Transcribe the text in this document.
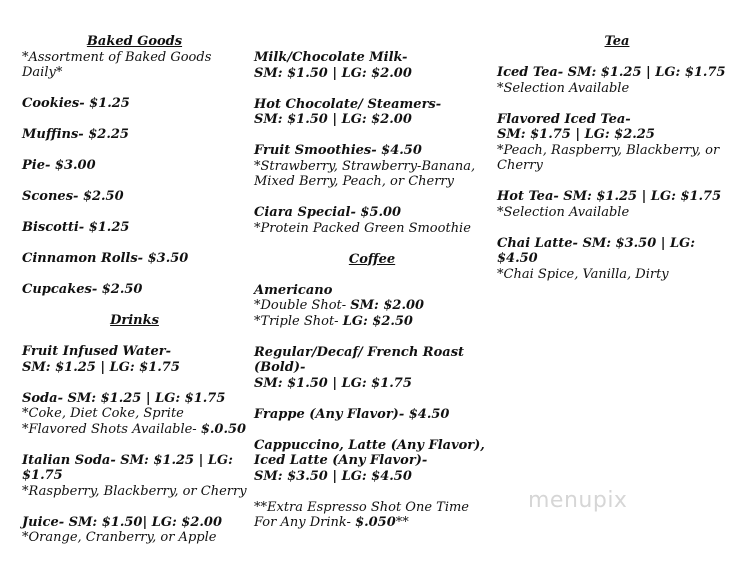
Baked Goods

*Assortment of Baked Goods Daily*

Cookies- $1.25

Muffins- $2.25

Pie- $3.00

Scones- $2.50

Biscotti- $1.25

Cinnamon Rolls- $3.50

Cupcakes- $2.50

Drinks

Fruit Infused Water-
SM: $1.25 | LG: $1.75
Soda- SM: $1.25 | LG: $1.75
*Coke, Diet Coke, Sprite
*Flavored Shots Available- $.0.50
Italian Soda- SM: $1.25 | LG: $1.75
*Raspberry, Blackberry, or Cherry
Juice- SM: $1.50| LG: $2.00
*Orange, Cranberry, or Apple
Milk/Chocolate Milk-
SM: $1.50 | LG: $2.00
Hot Chocolate/ Steamers-
SM: $1.50 | LG: $2.00
Fruit Smoothies- $4.50
*Strawberry, Strawberry-Banana, Mixed Berry, Peach, or Cherry
Ciara Special- $5.00
*Protein Packed Green Smoothie

Coffee

Americano
*Double Shot- SM: $2.00
*Triple Shot- LG: $2.50
Regular/Decaf/ French Roast (Bold)-
SM: $1.50 | LG: $1.75
Frappe (Any Flavor)- $4.50
Cappuccino, Latte (Any Flavor), Iced Latte (Any Flavor)-
SM: $3.50 | LG: $4.50
**Extra Espresso Shot One Time For Any Drink- $.050**

Tea

Iced Tea- SM: $1.25 | LG: $1.75
*Selection Available
Flavored Iced Tea-
SM: $1.75 | LG: $2.25
*Peach, Raspberry, Blackberry, or Cherry
Hot Tea- SM: $1.25 | LG: $1.75
*Selection Available
Chai Latte- SM: $3.50 | LG: $4.50
*Chai Spice, Vanilla, Dirty
menupix
